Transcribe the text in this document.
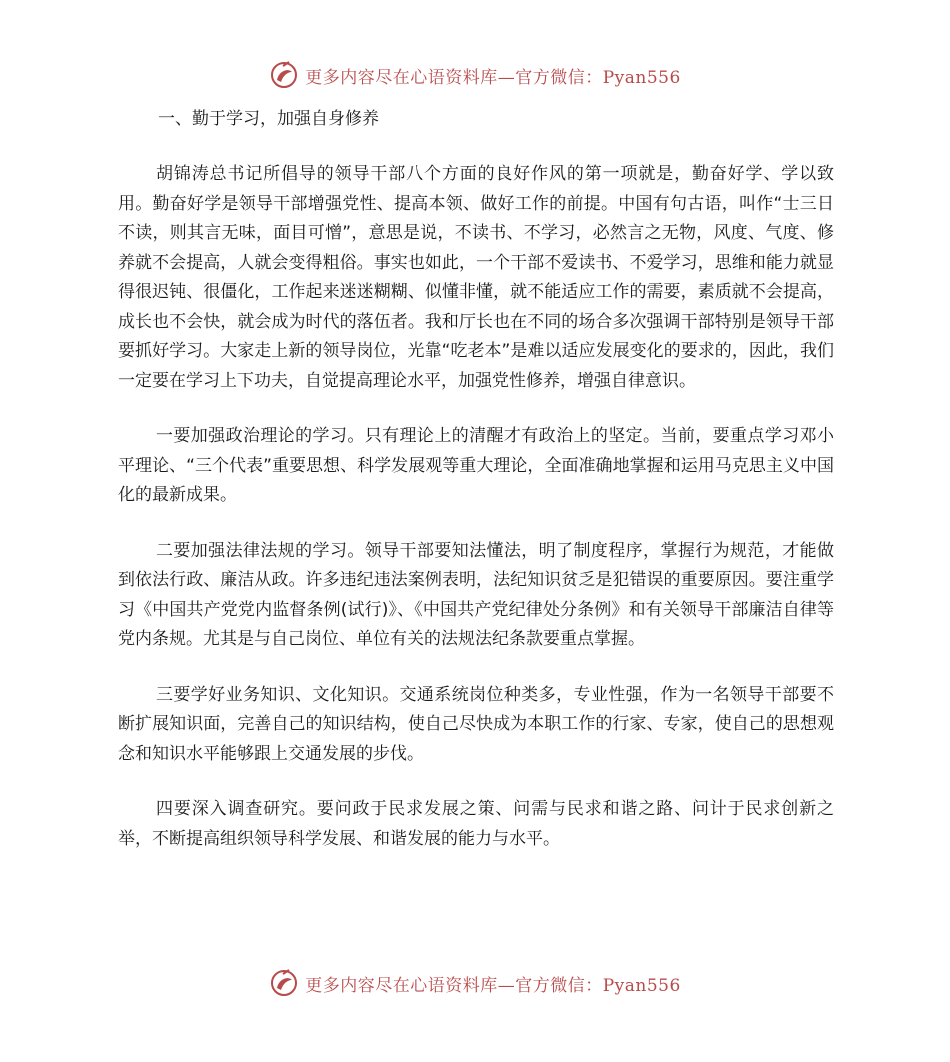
更多内容尽在心语资料库—官方微信：Pyan556

一、勤于学习，加强自身修养

胡锦涛总书记所倡导的领导干部八个方面的良好作风的第一项就是，勤奋好学、学以致用。勤奋好学是领导干部增强党性、提高本领、做好工作的前提。中国有句古语，叫作“士三日不读，则其言无味，面目可憎”，意思是说，不读书、不学习，必然言之无物，风度、气度、修养就不会提高，人就会变得粗俗。事实也如此，一个干部不爱读书、不爱学习，思维和能力就显得很迟钝、很僵化，工作起来迷迷糊糊、似懂非懂，就不能适应工作的需要，素质就不会提高，成长也不会快，就会成为时代的落伍者。我和厅长也在不同的场合多次强调干部特别是领导干部要抓好学习。大家走上新的领导岗位，光靠“吃老本”是难以适应发展变化的要求的，因此，我们一定要在学习上下功夫，自觉提高理论水平，加强党性修养，增强自律意识。

一要加强政治理论的学习。只有理论上的清醒才有政治上的坚定。当前，要重点学习邓小平理论、“三个代表”重要思想、科学发展观等重大理论，全面准确地掌握和运用马克思主义中国化的最新成果。

二要加强法律法规的学习。领导干部要知法懂法，明了制度程序，掌握行为规范，才能做到依法行政、廉洁从政。许多违纪违法案例表明，法纪知识贫乏是犯错误的重要原因。要注重学习《中国共产党党内监督条例(试行)》、《中国共产党纪律处分条例》和有关领导干部廉洁自律等党内条规。尤其是与自己岗位、单位有关的法规法纪条款要重点掌握。

三要学好业务知识、文化知识。交通系统岗位种类多，专业性强，作为一名领导干部要不断扩展知识面，完善自己的知识结构，使自己尽快成为本职工作的行家、专家，使自己的思想观念和知识水平能够跟上交通发展的步伐。

四要深入调查研究。要问政于民求发展之策、问需与民求和谐之路、问计于民求创新之举，不断提高组织领导科学发展、和谐发展的能力与水平。

更多内容尽在心语资料库—官方微信：Pyan556
